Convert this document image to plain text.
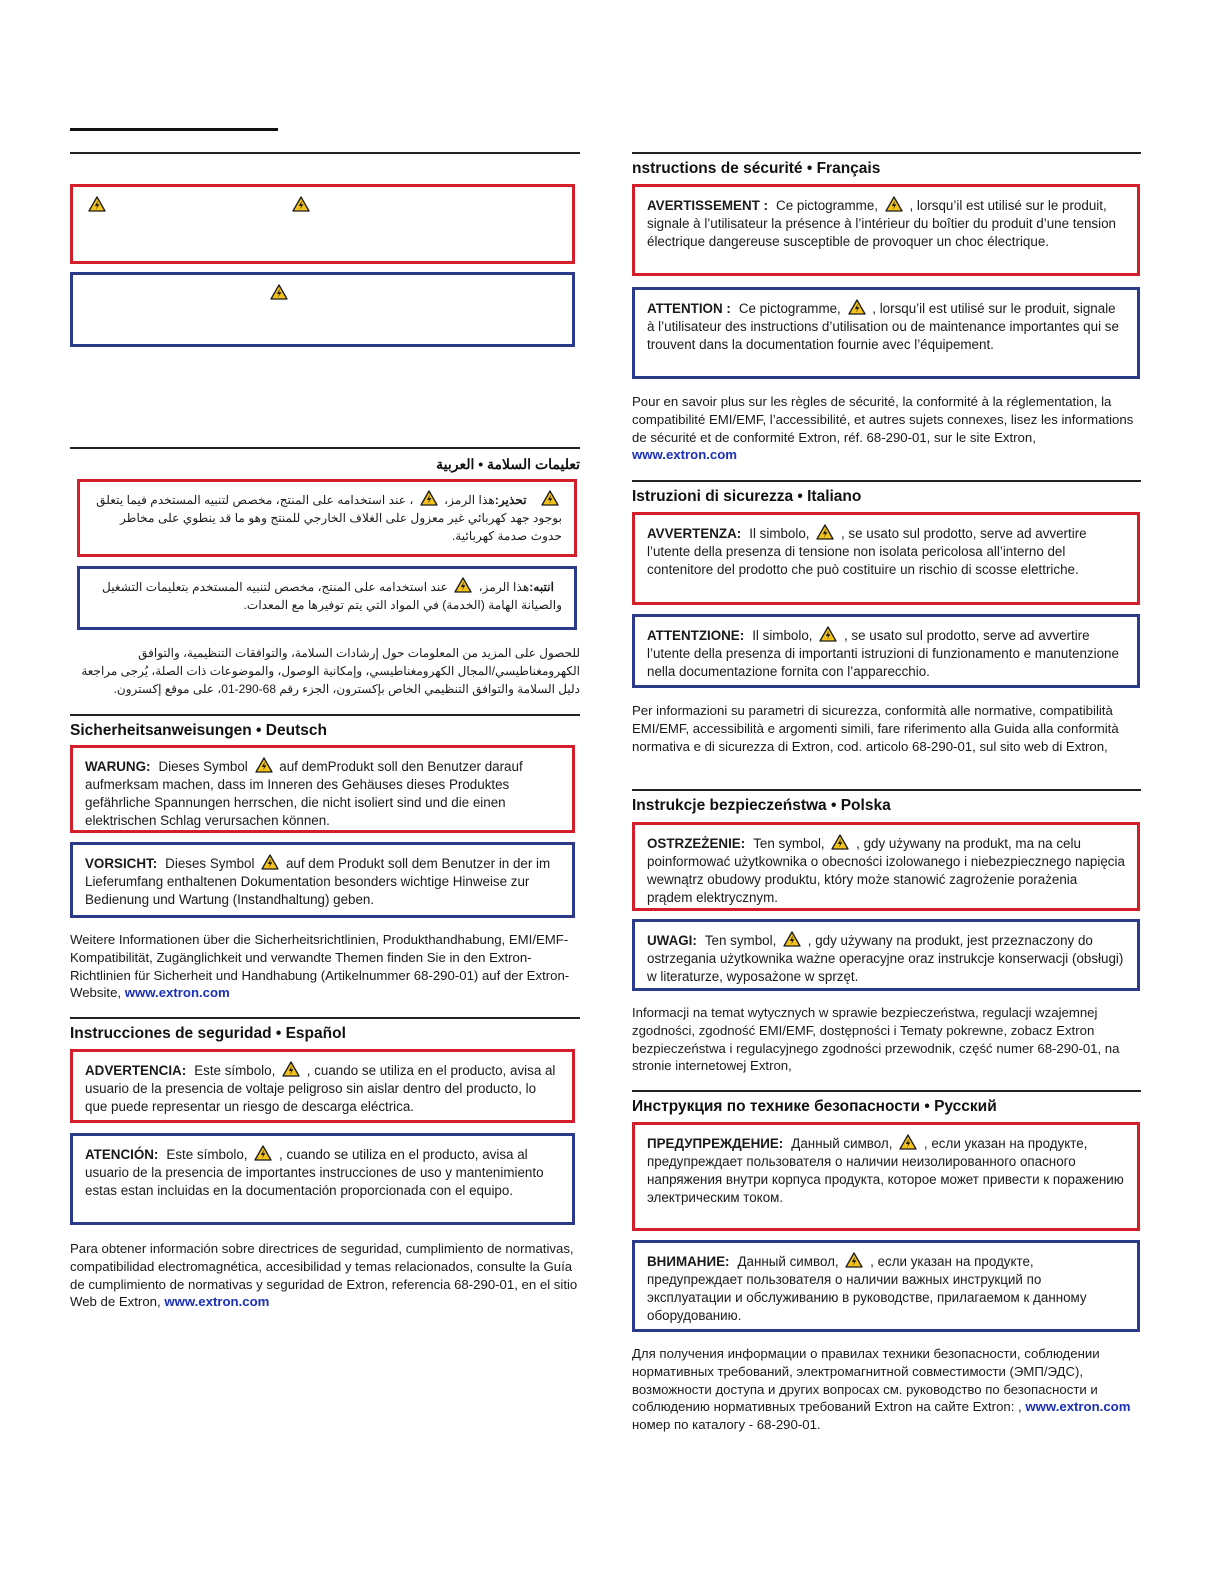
تعليمات السلامة • العربية
تحذير:هذا الرمز،
، عند استخدامه على المنتج، مخصص لتنبيه المستخدم فيما يتعلق بوجود جهد كهربائي غير معزول على الغلاف الخارجي للمنتج وهو ما قد ينطوي على مخاطر حدوث صدمة كهربائية.
انتبه:هذا الرمز،
عند استخدامه على المنتج، مخصص لتنبيه المستخدم بتعليمات التشغيل والصيانة الهامة (الخدمة) في المواد التي يتم توفيرها مع المعدات.
للحصول على المزيد من المعلومات حول إرشادات السلامة، والتوافقات التنظيمية، والتوافق الكهرومغناطيسي/المجال الكهرومغناطيسي، وإمكانية الوصول، والموضوعات ذات الصلة، يُرجى مراجعة دليل السلامة والتوافق التنظيمي الخاص بإكسترون، الجزء رقم 68-290-01، على موقع إكسترون.
Sicherheitsanweisungen • Deutsch
WARUNG: Dieses Symbol auf demProdukt soll den Benutzer darauf aufmerksam machen, dass im Inneren des Gehäuses dieses Produktes gefährliche Spannungen herrschen, die nicht isoliert sind und die einen elektrischen Schlag verursachen können.
VORSICHT: Dieses Symbol auf dem Produkt soll dem Benutzer in der im Lieferumfang enthaltenen Dokumentation besonders wichtige Hinweise zur Bedienung und Wartung (Instandhaltung) geben.
Weitere Informationen über die Sicherheitsrichtlinien, Produkthandhabung, EMI/EMF-Kompatibilität, Zugänglichkeit und verwandte Themen finden Sie in den Extron-Richtlinien für Sicherheit und Handhabung (Artikelnummer 68-290-01) auf der Extron-Website, www.extron.com
Instrucciones de seguridad • Español
ADVERTENCIA: Este símbolo, , cuando se utiliza en el producto, avisa al usuario de la presencia de voltaje peligroso sin aislar dentro del producto, lo que puede representar un riesgo de descarga eléctrica.
ATENCIÓN: Este símbolo, , cuando se utiliza en el producto, avisa al usuario de la presencia de importantes instrucciones de uso y mantenimiento estas estan incluidas en la documentación proporcionada con el equipo.
Para obtener información sobre directrices de seguridad, cumplimiento de normativas, compatibilidad electromagnética, accesibilidad y temas relacionados, consulte la Guía de cumplimiento de normativas y seguridad de Extron, referencia 68-290-01, en el sitio Web de Extron, www.extron.com
nstructions de sécurité • Français
AVERTISSEMENT : Ce pictogramme, , lorsqu’il est utilisé sur le produit, signale à l’utilisateur la présence à l’intérieur du boîtier du produit d’une tension électrique dangereuse susceptible de provoquer un choc électrique.
ATTENTION : Ce pictogramme, , lorsqu’il est utilisé sur le produit, signale à l’utilisateur des instructions d’utilisation ou de maintenance importantes qui se trouvent dans la documentation fournie avec l’équipement.
Pour en savoir plus sur les règles de sécurité, la conformité à la réglementation, la compatibilité EMI/EMF, l’accessibilité, et autres sujets connexes, lisez les informations de sécurité et de conformité Extron, réf. 68-290-01, sur le site Extron, www.extron.com
Istruzioni di sicurezza • Italiano
AVVERTENZA: Il simbolo, , se usato sul prodotto, serve ad avvertire l’utente della presenza di tensione non isolata pericolosa all’interno del contenitore del prodotto che può costituire un rischio di scosse elettriche.
ATTENTZIONE: Il simbolo, , se usato sul prodotto, serve ad avvertire l’utente della presenza di importanti istruzioni di funzionamento e manutenzione nella documentazione fornita con l’apparecchio.
Per informazioni su parametri di sicurezza, conformità alle normative, compatibilità EMI/EMF, accessibilità e argomenti simili, fare riferimento alla Guida alla conformità normativa e di sicurezza di Extron, cod. articolo 68-290-01, sul sito web di Extron,
Instrukcje bezpieczeństwa • Polska
OSTRZEŻENIE: Ten symbol, , gdy używany na produkt, ma na celu poinformować użytkownika o obecności izolowanego i niebezpiecznego napięcia wewnątrz obudowy produktu, który może stanowić zagrożenie porażenia prądem elektrycznym.
UWAGI: Ten symbol, , gdy używany na produkt, jest przeznaczony do ostrzegania użytkownika ważne operacyjne oraz instrukcje konserwacji (obsługi) w literaturze, wyposażone w sprzęt.
Informacji na temat wytycznych w sprawie bezpieczeństwa, regulacji wzajemnej zgodności, zgodność EMI/EMF, dostępności i Tematy pokrewne, zobacz Extron bezpieczeństwa i regulacyjnego zgodności przewodnik, część numer 68-290-01, na stronie internetowej Extron,
Инструкция по технике безопасности • Русский
ПРЕДУПРЕЖДЕНИЕ: Данный символ, , если указан на продукте, предупреждает пользователя о наличии неизолированного опасного напряжения внутри корпуса продукта, которое может привести к поражению электрическим током.
ВНИМАНИЕ: Данный символ, , если указан на продукте, предупреждает пользователя о наличии важных инструкций по эксплуатации и обслуживанию в руководстве, прилагаемом к данному оборудованию.
Для получения информации о правилах техники безопасности, соблюдении нормативных требований, электромагнитной совместимости (ЭМП/ЭДС), возможности доступа и других вопросах см. руководство по безопасности и соблюдению нормативных требований Extron на сайте Extron: , www.extron.com
номер по каталогу - 68-290-01.
